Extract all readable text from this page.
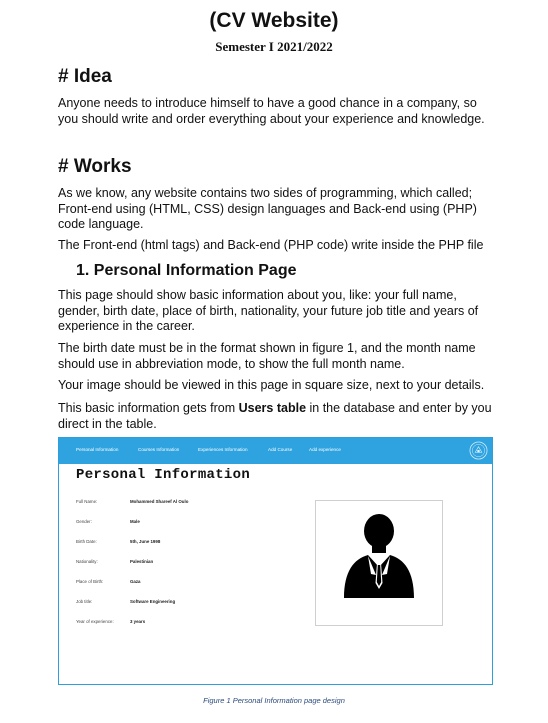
(CV Website)
Semester I 2021/2022
# Idea
Anyone needs to introduce himself to have a good chance in a company, so you should write and order everything about your experience and knowledge.
# Works
As we know, any website contains two sides of programming, which called; Front-end using (HTML, CSS) design languages and Back-end using (PHP) code language.
The Front-end (html tags) and Back-end (PHP code) write inside the PHP file
1. Personal Information Page
This page should show basic information about you, like: your full name, gender, birth date, place of birth, nationality, your future job title and years of experience in the career.
The birth date must be in the format shown in figure 1, and the month name should use in abbreviation mode, to show the full month name.
Your image should be viewed in this page in square size, next to your details.
This basic information gets from Users table in the database and enter by you direct in the table.
Personal Information	Courses Information	Experiences Information	Add Course	Add experience
Personal Information
Full Name:	Mohammed Shareef Al Oulo
Gender:	Male
Birth Date:	5th, June 1998
Nationality:	Palestinian
Place of Birth:	Gaza
Job title:	Software Engineering
Year of experience:	3 years
Figure 1 Personal Information page design
